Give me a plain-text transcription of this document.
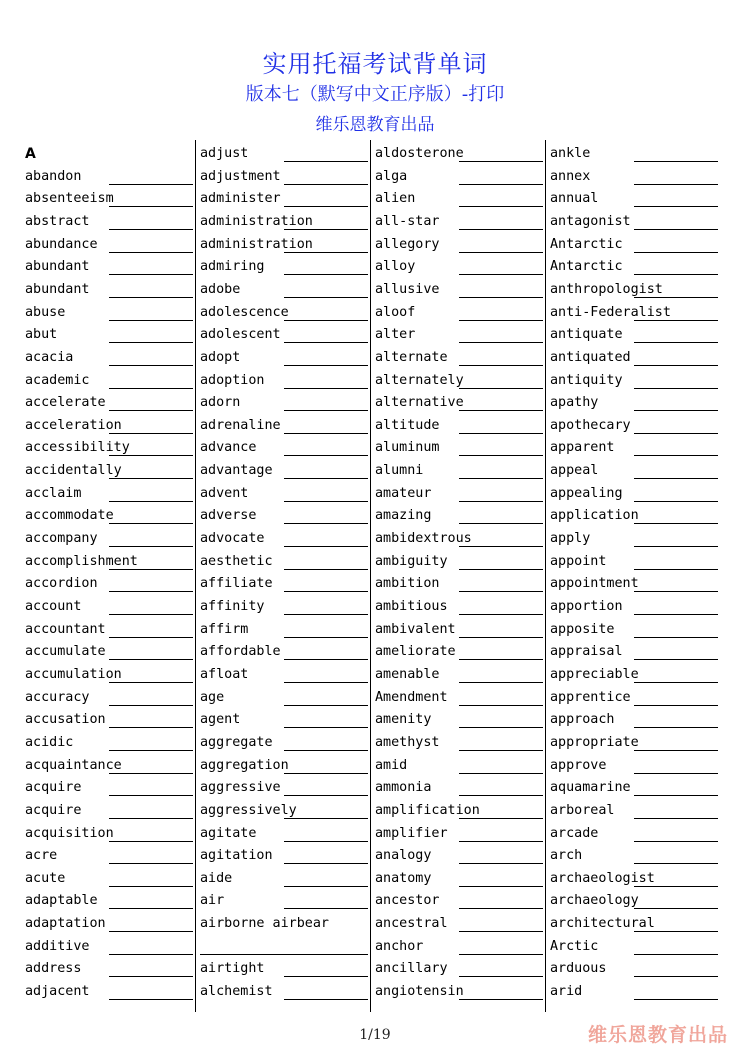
实用托福考试背单词
版本七（默写中文正序版）-打印
维乐恩教育出品
A
abandon
absenteeism
abstract
abundance
abundant
abundant
abuse
abut
acacia
academic
accelerate
acceleration
accessibility
accidentally
acclaim
accommodate
accompany
accomplishment
accordion
account
accountant
accumulate
accumulation
accuracy
accusation
acidic
acquaintance
acquire
acquire
acquisition
acre
acute
adaptable
adaptation
additive
address
adjacent
adjust
adjustment
administer
administration
administration
admiring
adobe
adolescence
adolescent
adopt
adoption
adorn
adrenaline
advance
advantage
advent
adverse
advocate
aesthetic
affiliate
affinity
affirm
affordable
afloat
age
agent
aggregate
aggregation
aggressive
aggressively
agitate
agitation
aide
air
airborne airbear
airtight
alchemist
aldosterone
alga
alien
all-star
allegory
alloy
allusive
aloof
alter
alternate
alternately
alternative
altitude
aluminum
alumni
amateur
amazing
ambidextrous
ambiguity
ambition
ambitious
ambivalent
ameliorate
amenable
Amendment
amenity
amethyst
amid
ammonia
amplification
amplifier
analogy
anatomy
ancestor
ancestral
anchor
ancillary
angiotensin
ankle
annex
annual
antagonist
Antarctic
Antarctic
anthropologist
anti-Federalist
antiquate
antiquated
antiquity
apathy
apothecary
apparent
appeal
appealing
application
apply
appoint
appointment
apportion
apposite
appraisal
appreciable
apprentice
approach
appropriate
approve
aquamarine
arboreal
arcade
arch
archaeologist
archaeology
architectural
Arctic
arduous
arid
1/19	维乐恩教育出品
